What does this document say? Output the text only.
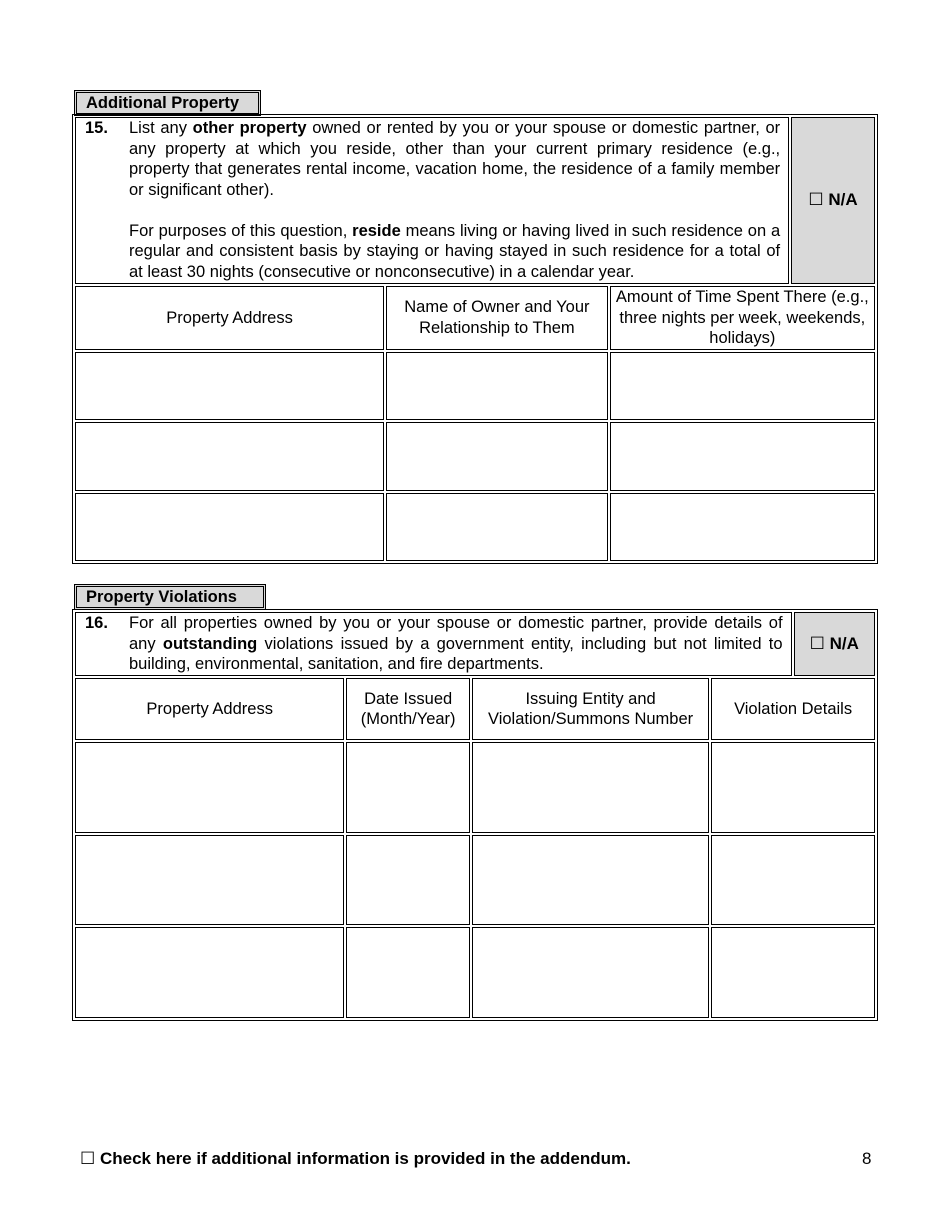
Additional Property
15. List any other property owned or rented by you or your spouse or domestic partner, or any property at which you reside, other than your current primary residence (e.g., property that generates rental income, vacation home, the residence of a family member or significant other).

For purposes of this question, reside means living or having lived in such residence on a regular and consistent basis by staying or having stayed in such residence for a total of at least 30 nights (consecutive or nonconsecutive) in a calendar year.			☐ N/A
Property Address	Name of Owner and Your Relationship to Them	Amount of Time Spent There (e.g., three nights per week, weekends, holidays)	

Property Violations
16. For all properties owned by you or your spouse or domestic partner, provide details of any outstanding violations issued by a government entity, including but not limited to building, environmental, sanitation, and fire departments.				☐ N/A
Property Address	Date Issued (Month/Year)	Issuing Entity and Violation/Summons Number	Violation Details	

☐ Check here if additional information is provided in the addendum.	8
